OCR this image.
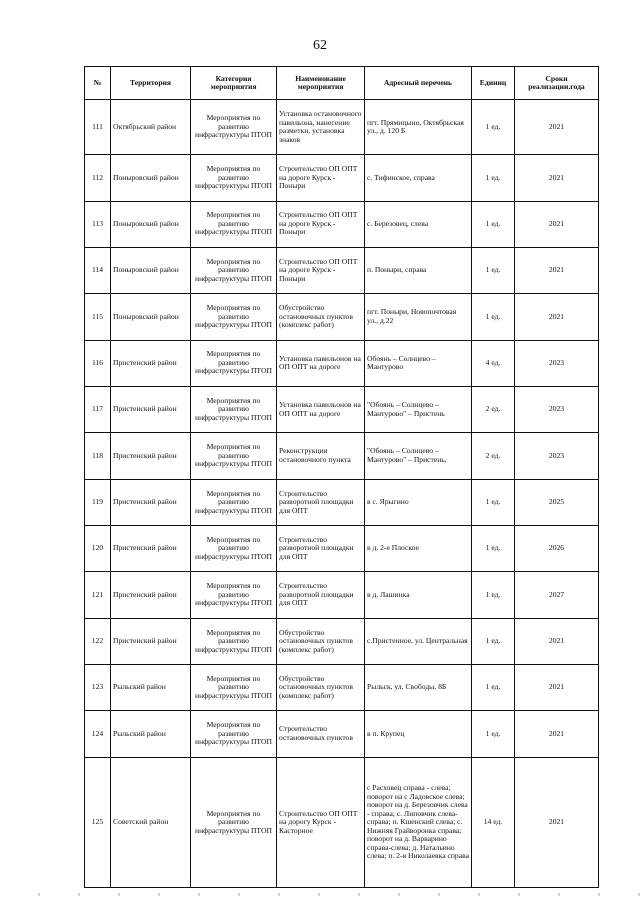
62
№	Территория	Категория мероприятия	Наименование мероприятия	Адресный перечень	Единиц	Сроки реализации.года
111	Октябрьский район	Мероприятия по развитию инфраструктуры ПТОП	Установка остановочного павильона, нанесение разметки, установка знаков	пгт. Прямицыно, Октябрьская ул., д. 120 Б	1 ед.	2021
112	Поныровский район	Мероприятия по развитию инфраструктуры ПТОП	Строительство ОП ОПТ на дороге Курск - Поныри	с. Тифинское, справа	1 ед.	2021
113	Поныровский район	Мероприятия по развитию инфраструктуры ПТОП	Строительство ОП ОПТ на дороге Курск - Поныри	с. Березовец, слева	1 ед.	2021
114	Поныровский район	Мероприятия по развитию инфраструктуры ПТОП	Строительство ОП ОПТ на дороге Курск - Поныри	п. Поныри, справа	1 ед.	2021
115	Поныровский район	Мероприятия по развитию инфраструктуры ПТОП	Обустройство остановочных пунктов (комплекс работ)	пгт. Поныри, Новопочтовая ул., д.22	1 ед.	2021
116	Пристенский район	Мероприятия по развитию инфраструктуры ПТОП	Установка павильонов на ОП ОПТ на дороге	Обоянь – Солнцево – Мантурово	4 ед.	2023
117	Пристенский район	Мероприятия по развитию инфраструктуры ПТОП	Установка павильонов на ОП ОПТ на дороге	"Обоянь – Солнцево – Мантурово" – Пристень	2 ед.	2023
118	Пристенский район	Мероприятия по развитию инфраструктуры ПТОП	Реконструкция остановочного пункта	"Обоянь – Солнцево – Мантурово" – Пристень,	2 ед.	2023
119	Пристенский район	Мероприятия по развитию инфраструктуры ПТОП	Строительство разворотной площадки для ОПТ	в с. Ярыгино	1 ед.	2025
120	Пристенский район	Мероприятия по развитию инфраструктуры ПТОП	Строительство разворотной площадки для ОПТ	в д. 2-е Плоское	1 ед.	2026
121	Пристенский район	Мероприятия по развитию инфраструктуры ПТОП	Строительство разворотной площадки для ОПТ	в д. Лашинка	1 ед.	2027
122	Пристенский район	Мероприятия по развитию инфраструктуры ПТОП	Обустройство остановочных пунктов (комплекс работ)	с.Пристенное, ул. Центральная	1 ед.	2021
123	Рыльский район	Мероприятия по развитию инфраструктуры ПТОП	Обустройство остановочных пунктов (комплекс работ)	Рыльск, ул. Свободы, 8Б	1 ед.	2021
124	Рыльский район	Мероприятия по развитию инфраструктуры ПТОП	Строительство остановочных пунктов	в п. Крупец	1 ед.	2021
125	Советский район	Мероприятия по развитию инфраструктуры ПТОП	Строительство ОП ОПТ на дорогу Курск - Касторное	с Расховец справа - слева; поворот на с Ладовское слева; поворот на д. Березовчик слева - справа; с. Липовчик слева-справа; п. Кшенский слева; с. Нижняя Грайворонка справа; поворот на д. Варварино справа-слева; д. Натальино слева; п. 2-я Николаевка справа	14 ед.	2021
